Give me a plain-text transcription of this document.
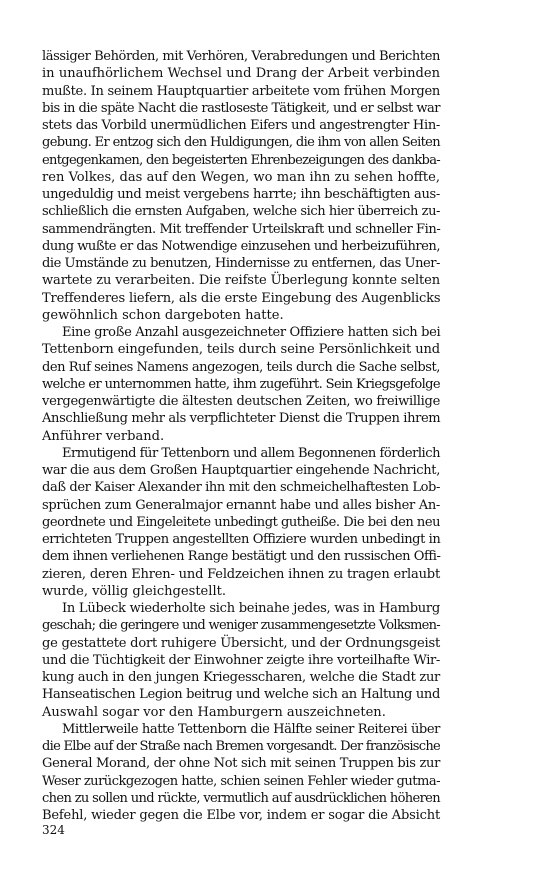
lässiger Behörden, mit Verhören, Verabredungen und Berichten
in unaufhörlichem Wechsel und Drang der Arbeit verbinden
mußte. In seinem Hauptquartier arbeitete vom frühen Morgen
bis in die späte Nacht die rastloseste Tätigkeit, und er selbst war
stets das Vorbild unermüdlichen Eifers und angestrengter Hin-
gebung. Er entzog sich den Huldigungen, die ihm von allen Seiten
entgegenkamen, den begeisterten Ehrenbezeigungen des dankba-
ren Volkes, das auf den Wegen, wo man ihn zu sehen hoffte,
ungeduldig und meist vergebens harrte; ihn beschäftigten aus-
schließlich die ernsten Aufgaben, welche sich hier überreich zu-
sammendrängten. Mit treffender Urteilskraft und schneller Fin-
dung wußte er das Notwendige einzusehen und herbeizuführen,
die Umstände zu benutzen, Hindernisse zu entfernen, das Uner-
wartete zu verarbeiten. Die reifste Überlegung konnte selten
Treffenderes liefern, als die erste Eingebung des Augenblicks
gewöhnlich schon dargeboten hatte.
Eine große Anzahl ausgezeichneter Offiziere hatten sich bei
Tettenborn eingefunden, teils durch seine Persönlichkeit und
den Ruf seines Namens angezogen, teils durch die Sache selbst,
welche er unternommen hatte, ihm zugeführt. Sein Kriegsgefolge
vergegenwärtigte die ältesten deutschen Zeiten, wo freiwillige
Anschließung mehr als verpflichteter Dienst die Truppen ihrem
Anführer verband.
Ermutigend für Tettenborn und allem Begonnenen förderlich
war die aus dem Großen Hauptquartier eingehende Nachricht,
daß der Kaiser Alexander ihn mit den schmeichelhaftesten Lob-
sprüchen zum Generalmajor ernannt habe und alles bisher An-
geordnete und Eingeleitete unbedingt gutheiße. Die bei den neu
errichteten Truppen angestellten Offiziere wurden unbedingt in
dem ihnen verliehenen Range bestätigt und den russischen Offi-
zieren, deren Ehren- und Feldzeichen ihnen zu tragen erlaubt
wurde, völlig gleichgestellt.
In Lübeck wiederholte sich beinahe jedes, was in Hamburg
geschah; die geringere und weniger zusammengesetzte Volksmen-
ge gestattete dort ruhigere Übersicht, und der Ordnungsgeist
und die Tüchtigkeit der Einwohner zeigte ihre vorteilhafte Wir-
kung auch in den jungen Kriegesscharen, welche die Stadt zur
Hanseatischen Legion beitrug und welche sich an Haltung und
Auswahl sogar vor den Hamburgern auszeichneten.
Mittlerweile hatte Tettenborn die Hälfte seiner Reiterei über
die Elbe auf der Straße nach Bremen vorgesandt. Der französische
General Morand, der ohne Not sich mit seinen Truppen bis zur
Weser zurückgezogen hatte, schien seinen Fehler wieder gutma-
chen zu sollen und rückte, vermutlich auf ausdrücklichen höheren
Befehl, wieder gegen die Elbe vor, indem er sogar die Absicht
324
